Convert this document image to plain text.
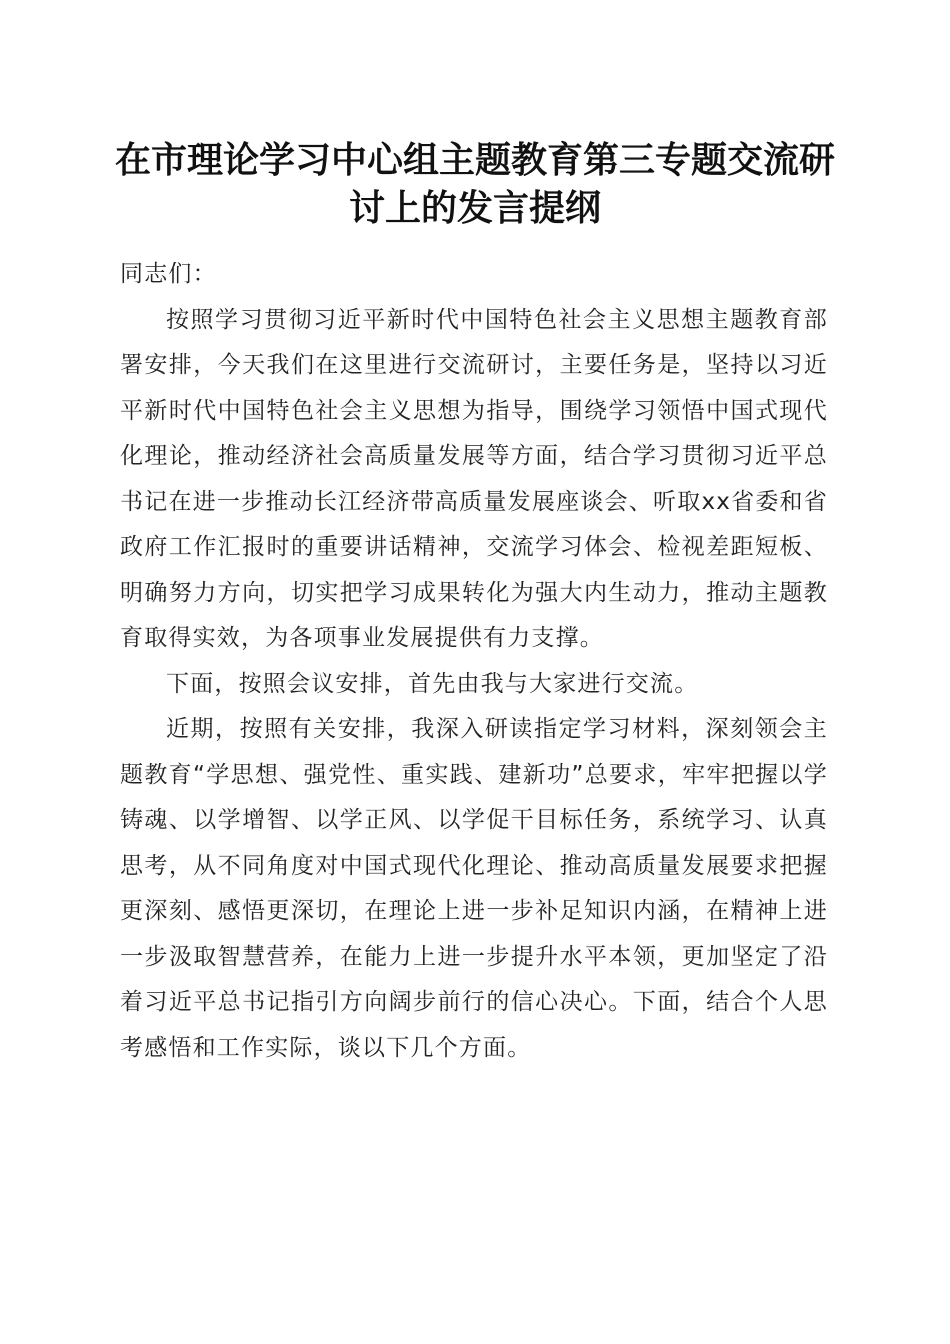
在市理论学习中心组主题教育第三专题交流研
讨上的发言提纲

同志们：

按照学习贯彻习近平新时代中国特色社会主义思想主题教育部署安排，今天我们在这里进行交流研讨，主要任务是，坚持以习近平新时代中国特色社会主义思想为指导，围绕学习领悟中国式现代化理论，推动经济社会高质量发展等方面，结合学习贯彻习近平总书记在进一步推动长江经济带高质量发展座谈会、听取xx省委和省政府工作汇报时的重要讲话精神，交流学习体会、检视差距短板、明确努力方向，切实把学习成果转化为强大内生动力，推动主题教育取得实效，为各项事业发展提供有力支撑。

下面，按照会议安排，首先由我与大家进行交流。

近期，按照有关安排，我深入研读指定学习材料，深刻领会主题教育“学思想、强党性、重实践、建新功”总要求，牢牢把握以学铸魂、以学增智、以学正风、以学促干目标任务，系统学习、认真思考，从不同角度对中国式现代化理论、推动高质量发展要求把握更深刻、感悟更深切，在理论上进一步补足知识内涵，在精神上进一步汲取智慧营养，在能力上进一步提升水平本领，更加坚定了沿着习近平总书记指引方向阔步前行的信心决心。下面，结合个人思考感悟和工作实际，谈以下几个方面。
